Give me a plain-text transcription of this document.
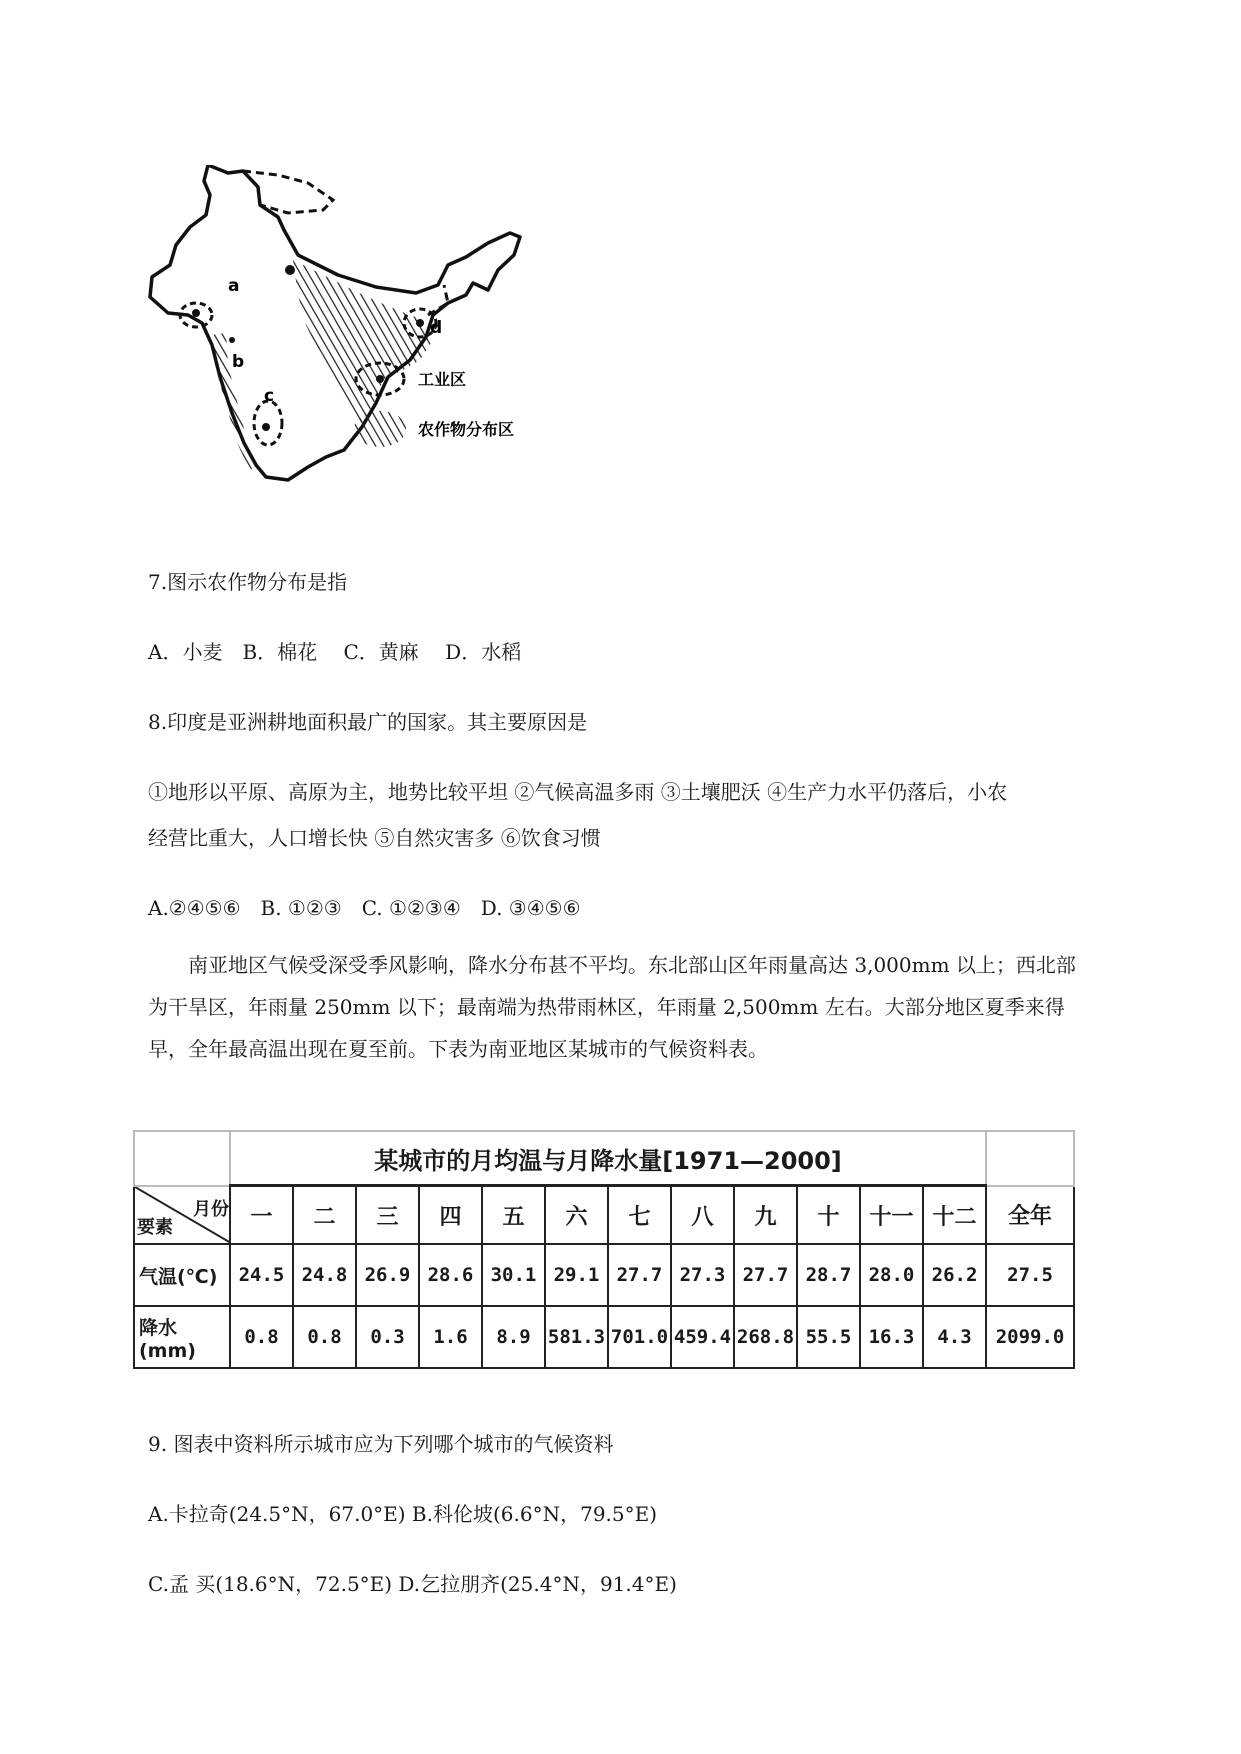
a
b
c
d
工业区
农作物分布区
7.图示农作物分布是指
A．小麦　B．棉花　 C．黄麻　 D．水稻
8.印度是亚洲耕地面积最广的国家。其主要原因是
①地形以平原、高原为主，地势比较平坦 ②气候高温多雨 ③土壤肥沃 ④生产力水平仍落后，小农
经营比重大，人口增长快 ⑤自然灾害多 ⑥饮食习惯
A.②④⑤⑥　B. ①②③　C. ①②③④　D. ③④⑤⑥
南亚地区气候受深受季风影响，降水分布甚不平均。东北部山区年雨量高达 3,000mm 以上；西北部为干旱区，年雨量 250mm 以下；最南端为热带雨林区，年雨量 2,500mm 左右。大部分地区夏季来得早，全年最高温出现在夏至前。下表为南亚地区某城市的气候资料表。
	某城市的月均温与月降水量[1971—2000]												

要素
月份	一	二	三	四	五	六	七	八	九	十	十一	十二	全年
气温(℃)	24.5	24.8	26.9	28.6	30.1	29.1	27.7	27.3	27.7	28.7	28.0	26.2	27.5
降水(mm)	0.8	0.8	0.3	1.6	8.9	581.3	701.0	459.4	268.8	55.5	16.3	4.3	2099.0
9. 图表中资料所示城市应为下列哪个城市的气候资料
A.卡拉奇(24.5°N，67.0°E) B.科伦坡(6.6°N，79.5°E)
C.孟 买(18.6°N，72.5°E) D.乞拉朋齐(25.4°N，91.4°E)
